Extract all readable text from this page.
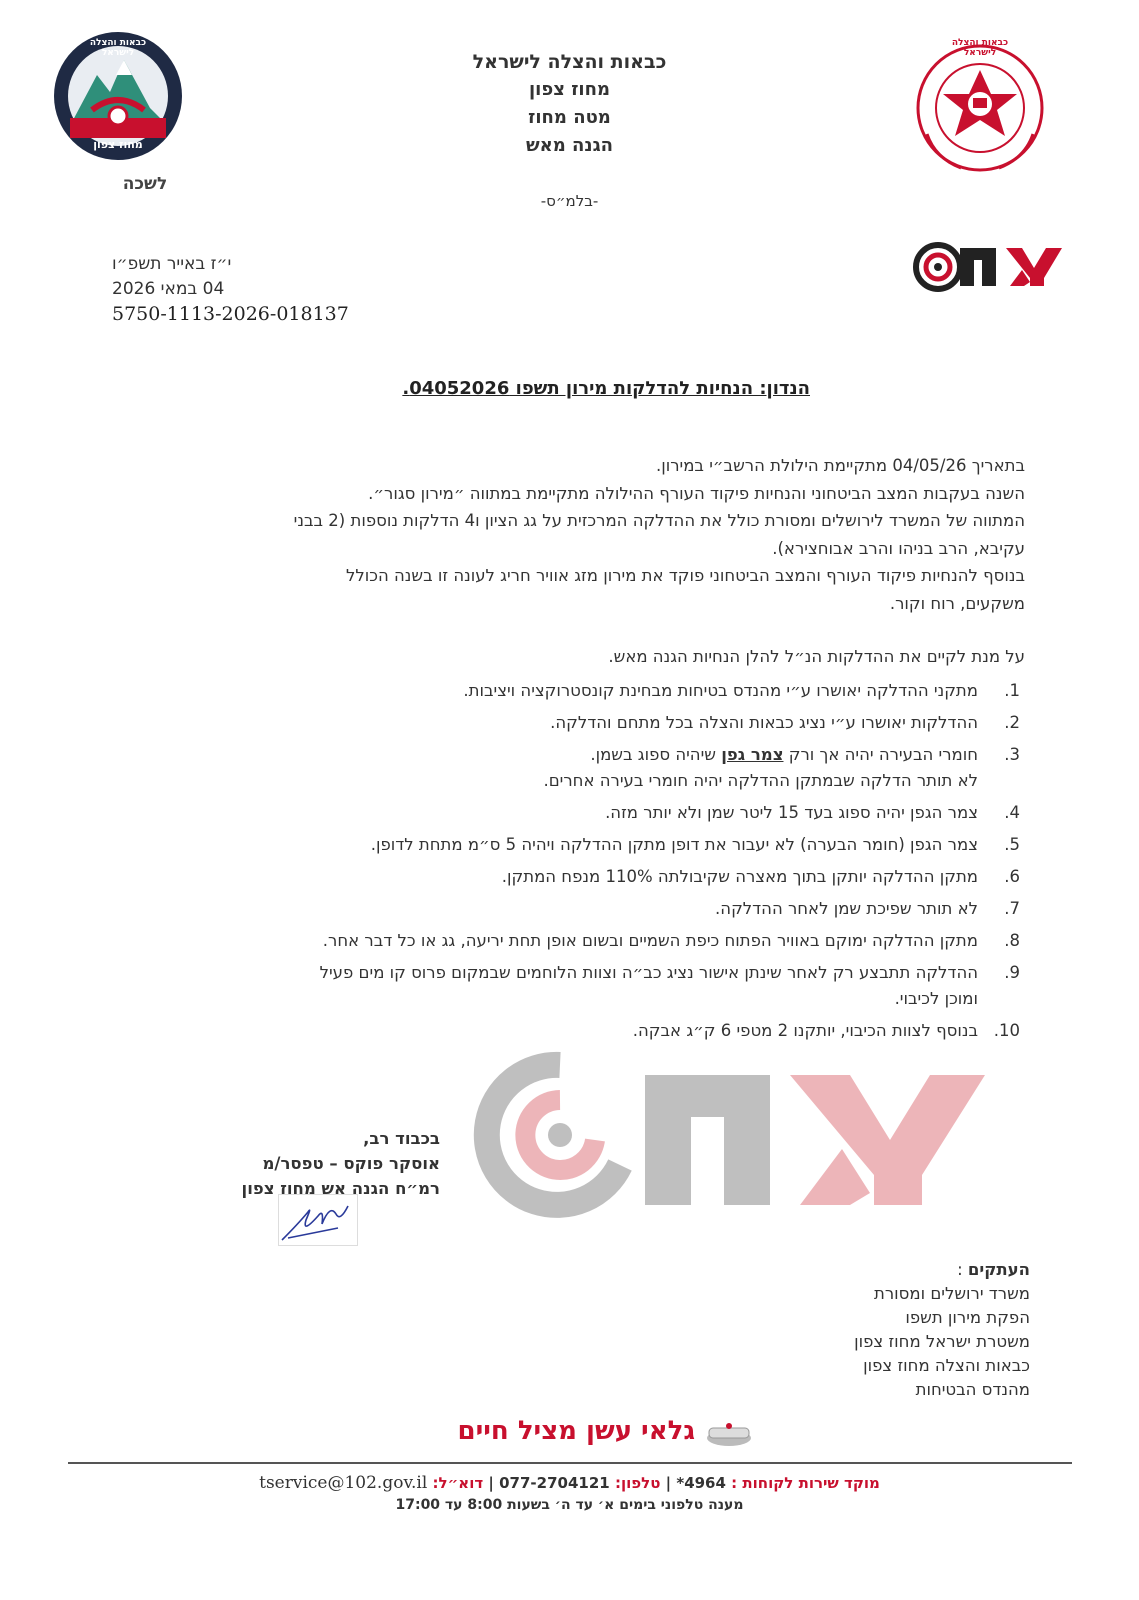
כבאות והצלה לישראל
מחוז צפון
לשכה
כבאות והצלה לישראל
מחוז צפון
מטה מחוז
הגנה מאש
-בלמ״ס-
כבאות והצלה לישראל
י״ז באייר תשפ״ו
04 במאי 2026
5750-1113-2026-018137
הנדון: הנחיות להדלקות מירון תשפו 04052026.
בתאריך 04/05/26 מתקיימת הילולת הרשב״י במירון.
השנה בעקבות המצב הביטחוני והנחיות פיקוד העורף ההילולה מתקיימת במתווה ״מירון סגור״.
המתווה של המשרד לירושלים ומסורת כולל את ההדלקה המרכזית על גג הציון ו4 הדלקות נוספות (2 בבני
עקיבא, הרב בניהו והרב אבוחצירא).
בנוסף להנחיות פיקוד העורף והמצב הביטחוני פוקד את מירון מזג אוויר חריג לעונה זו בשנה הכולל
משקעים, רוח וקור.
על מנת לקיים את ההדלקות הנ״ל להלן הנחיות הגנה מאש.
1.
מתקני ההדלקה יאושרו ע״י מהנדס בטיחות מבחינת קונסטרוקציה ויציבות.
2.
ההדלקות יאושרו ע״י נציג כבאות והצלה בכל מתחם והדלקה.
3.
חומרי הבעירה יהיה אך ורק צמר גפן שיהיה ספוג בשמן.
לא תותר הדלקה שבמתקן ההדלקה יהיה חומרי בעירה אחרים.
4.
צמר הגפן יהיה ספוג בעד 15 ליטר שמן ולא יותר מזה.
5.
צמר הגפן (חומר הבערה) לא יעבור את דופן מתקן ההדלקה ויהיה 5 ס״מ מתחת לדופן.
6.
מתקן ההדלקה יותקן בתוך מאצרה שקיבולתה 110% מנפח המתקן.
7.
לא תותר שפיכת שמן לאחר ההדלקה.
8.
מתקן ההדלקה ימוקם באוויר הפתוח כיפת השמיים ובשום אופן תחת יריעה, גג או כל דבר אחר.
9.
ההדלקה תתבצע רק לאחר שינתן אישור נציג כב״ה וצוות הלוחמים שבמקום פרוס קו מים פעיל
ומוכן לכיבוי.
10.
בנוסף לצוות הכיבוי, יותקנו 2 מטפי 6 ק״ג אבקה.
בכבוד רב,
אוסקר פוקס – טפסר/מ
רמ״ח הגנה אש מחוז צפון
העתקים :
משרד ירושלים ומסורת
הפקת מירון תשפו
משטרת ישראל מחוז צפון
כבאות והצלה מחוז צפון
מהנדס הבטיחות
גלאי עשן מציל חיים
מוקד שירות לקוחות : 4964* | טלפון: 077-2704121 | דוא״ל: tservice@102.gov.il
מענה טלפוני בימים א׳ עד ה׳ בשעות 8:00 עד 17:00
